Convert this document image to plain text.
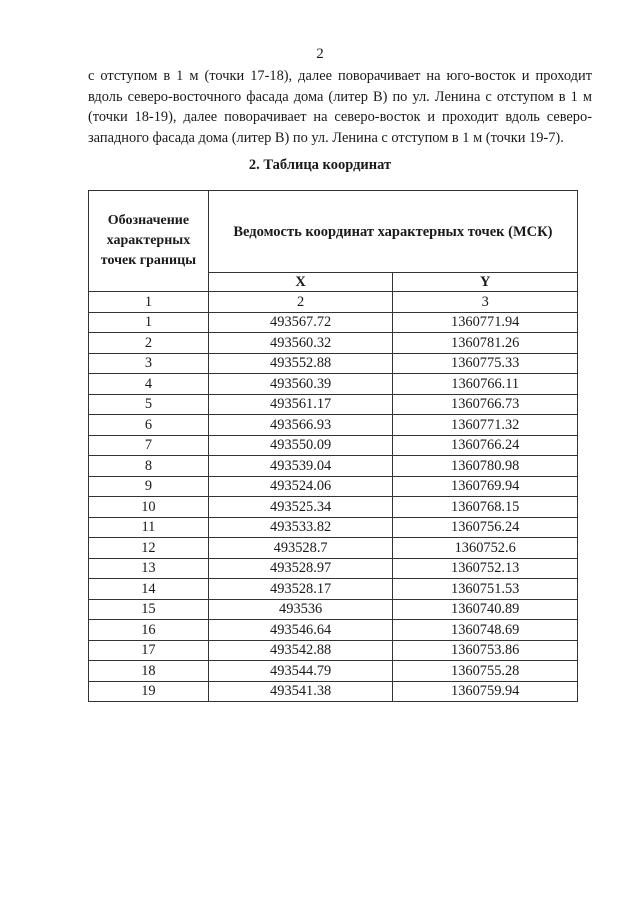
2

с отступом в 1 м (точки 17-18), далее поворачивает на юго-восток и проходит вдоль северо-восточного фасада дома (литер В) по ул. Ленина с отступом в 1 м (точки 18-19), далее поворачивает на северо-восток и проходит вдоль северо-западного фасада дома (литер В) по ул. Ленина с отступом в 1 м (точки 19-7).

2. Таблица координат
Обозначение характерных точек границы	Ведомость координат характерных точек (МСК)	
	X	Y
1	2	3
1	493567.72	1360771.94
2	493560.32	1360781.26
3	493552.88	1360775.33
4	493560.39	1360766.11
5	493561.17	1360766.73
6	493566.93	1360771.32
7	493550.09	1360766.24
8	493539.04	1360780.98
9	493524.06	1360769.94
10	493525.34	1360768.15
11	493533.82	1360756.24
12	493528.7	1360752.6
13	493528.97	1360752.13
14	493528.17	1360751.53
15	493536	1360740.89
16	493546.64	1360748.69
17	493542.88	1360753.86
18	493544.79	1360755.28
19	493541.38	1360759.94
